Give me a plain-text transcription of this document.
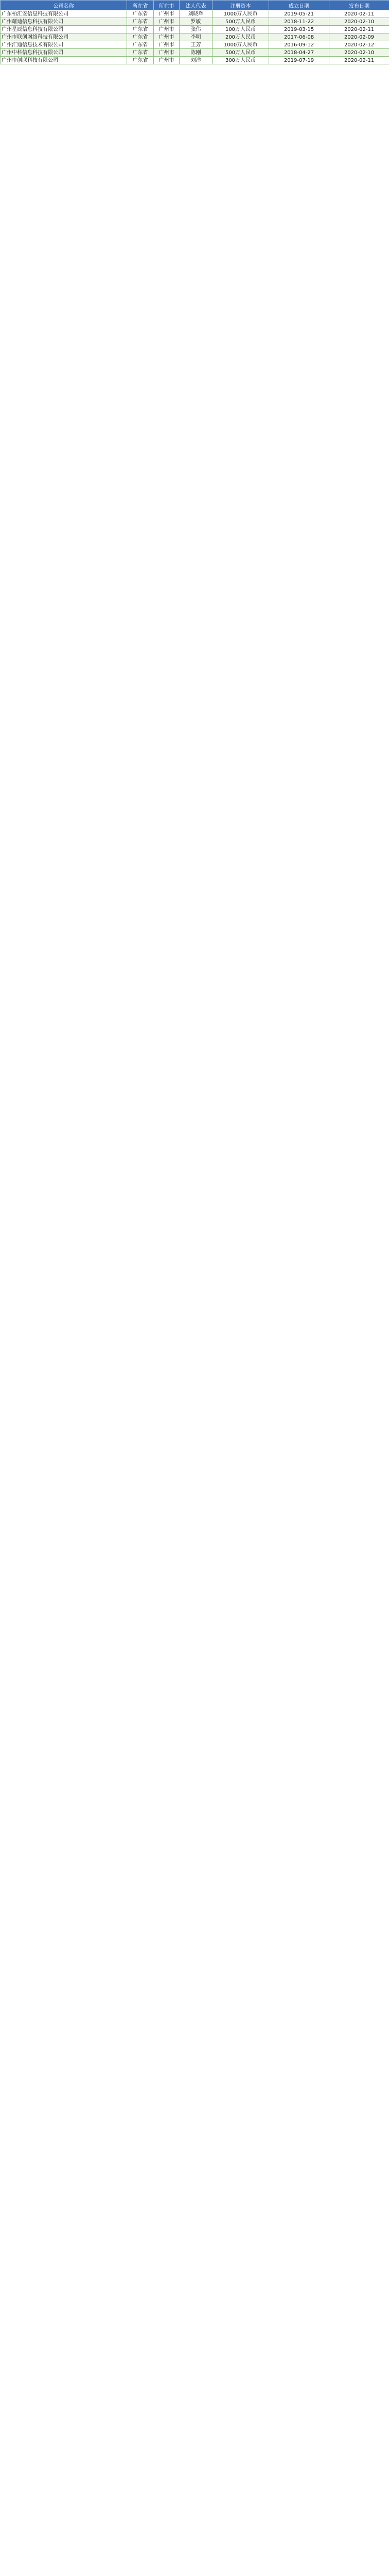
公司名称	所在省	所在市	法人代表	注册资本	成立日期	发布日期
广东柏汇安信息科技有限公司	广东省	广州市	刘晓辉	1000万人民币	2019-05-21	2020-02-11
广州耀迪信息科技有限公司	广东省	广州市	罗敏	500万人民币	2018-11-22	2020-02-10
广州星辰信息科技有限公司	广东省	广州市	张伟	100万人民币	2019-03-15	2020-02-11
广州市联创网络科技有限公司	广东省	广州市	李明	200万人民币	2017-06-08	2020-02-09
广州汇通信息技术有限公司	广东省	广州市	王芳	1000万人民币	2016-09-12	2020-02-12
广州中科信息科技有限公司	广东省	广州市	陈刚	500万人民币	2018-04-27	2020-02-10
广州市创联科技有限公司	广东省	广州市	刘洋	300万人民币	2019-07-19	2020-02-11
